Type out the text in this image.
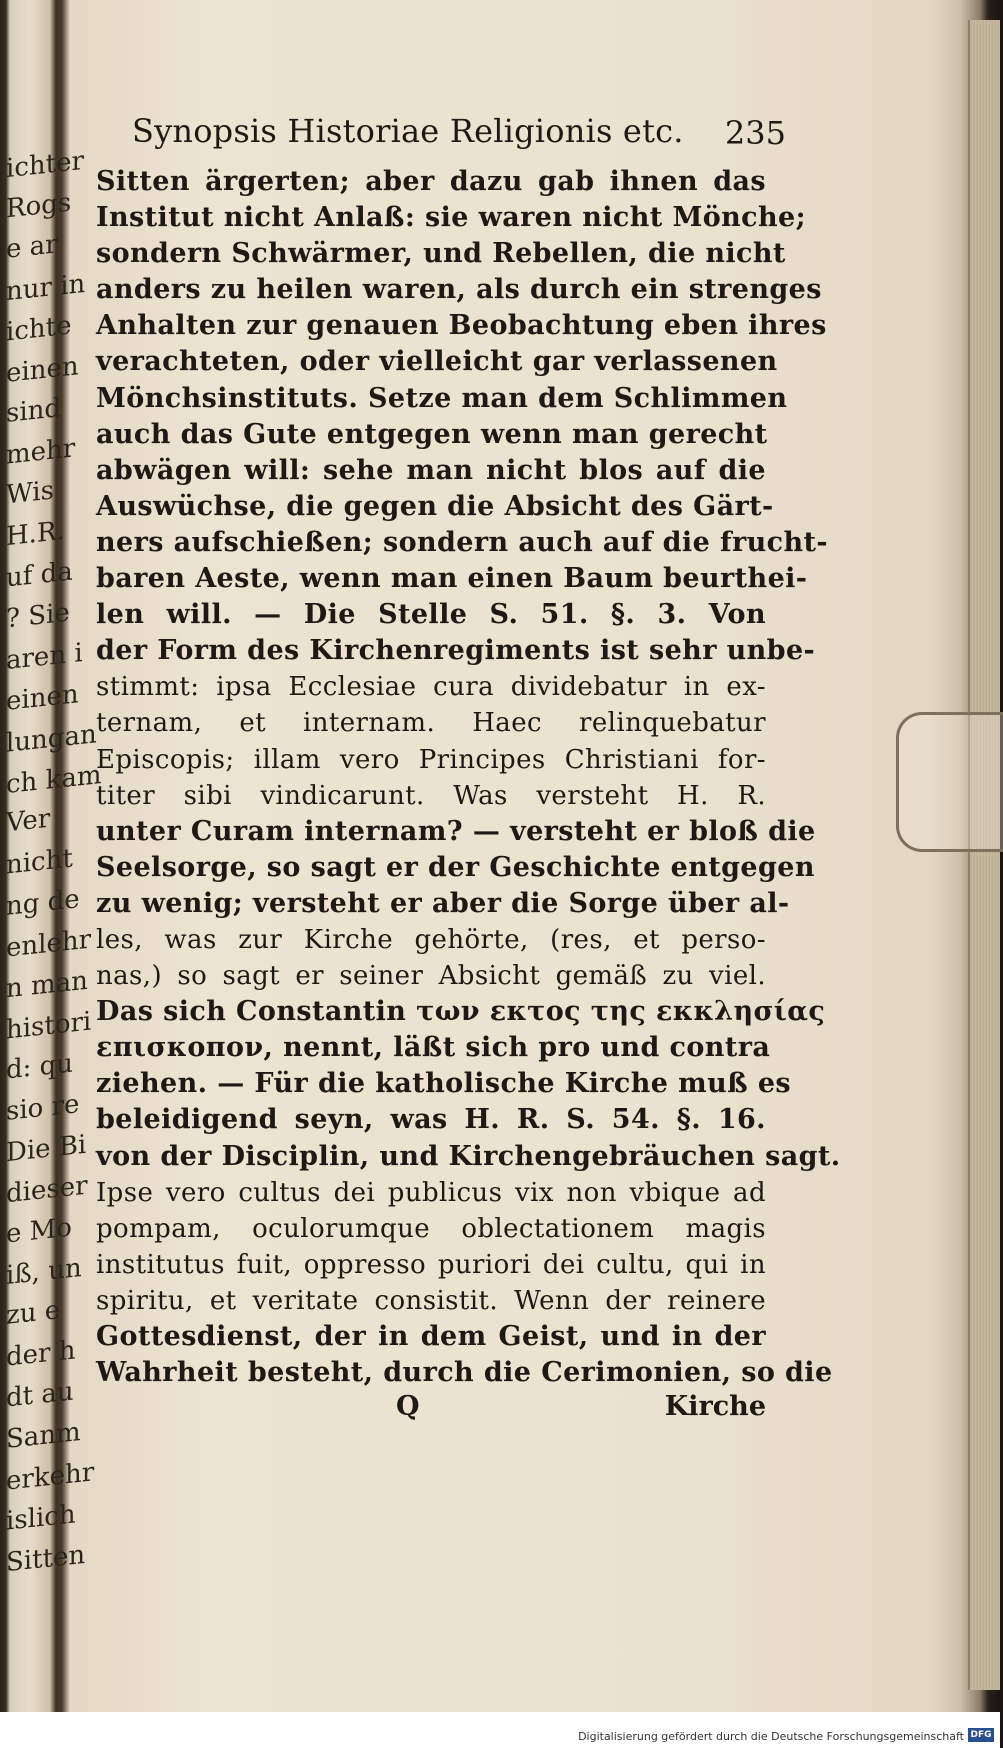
ichter
Rogs
e ar
nur in
ichte
einen
sind
mehr
Wis
H.R.
uf da
? Sie
aren i
einen
lungan
ch kam
Ver
nicht
ng de
enlehr
n man
histori
d: qu
sio re
Die Bi
dieser
e Mo
iß, un
zu e
der h
dt au
Sanm
erkehr
islich
Sitten
Synopsis Historiae Religionis etc. 235
Sitten ärgerten; aber dazu gab ihnen das
Institut nicht Anlaß: sie waren nicht Mönche;
sondern Schwärmer, und Rebellen, die nicht
anders zu heilen waren, als durch ein strenges
Anhalten zur genauen Beobachtung eben ihres
verachteten, oder vielleicht gar verlassenen
Mönchsinstituts. Setze man dem Schlimmen
auch das Gute entgegen wenn man gerecht
abwägen will: sehe man nicht blos auf die
Auswüchse, die gegen die Absicht des Gärt-
ners aufschießen; sondern auch auf die frucht-
baren Aeste, wenn man einen Baum beurthei-
len will. — Die Stelle S. 51. §. 3. Von
der Form des Kirchenregiments ist sehr unbe-
stimmt: ipsa Ecclesiae cura dividebatur in ex-
ternam, et internam. Haec relinquebatur
Episcopis; illam vero Principes Christiani for-
titer sibi vindicarunt. Was versteht H. R.
unter Curam internam? — versteht er bloß die
Seelsorge, so sagt er der Geschichte entgegen
zu wenig; versteht er aber die Sorge über al-
les, was zur Kirche gehörte, (res, et perso-
nas,) so sagt er seiner Absicht gemäß zu viel.
Das sich Constantin των εκτος της εκκλησίας
επισκοπον, nennt, läßt sich pro und contra
ziehen. — Für die katholische Kirche muß es
beleidigend seyn, was H. R. S. 54. §. 16.
von der Disciplin, und Kirchengebräuchen sagt.
Ipse vero cultus dei publicus vix non vbique ad
pompam, oculorumque oblectationem magis
institutus fuit, oppresso puriori dei cultu, qui in
spiritu, et veritate consistit. Wenn der reinere
Gottesdienst, der in dem Geist, und in der
Wahrheit besteht, durch die Cerimonien, so die
Q	Kirche
Digitalisierung gefördert durch die Deutsche Forschungsgemeinschaft DFG
